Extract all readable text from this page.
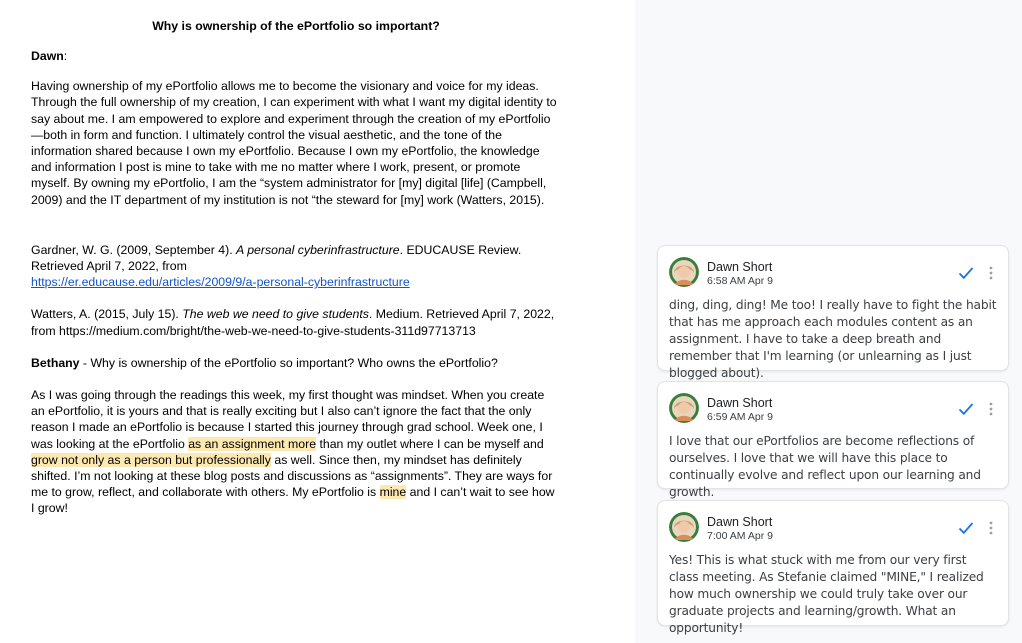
Why is ownership of the ePortfolio so important?
Dawn:
Having ownership of my ePortfolio allows me to become the visionary and voice for my ideas. Through the full ownership of my creation, I can experiment with what I want my digital identity to say about me. I am empowered to explore and experiment through the creation of my ePortfolio—both in form and function. I ultimately control the visual aesthetic, and the tone of the information shared because I own my ePortfolio. Because I own my ePortfolio, the knowledge and information I post is mine to take with me no matter where I work, present, or promote myself. By owning my ePortfolio, I am the “system administrator for [my] digital [life] (Campbell, 2009) and the IT department of my institution is not “the steward for [my] work (Watters, 2015).
Gardner, W. G. (2009, September 4). A personal cyberinfrastructure. EDUCAUSE Review. Retrieved April 7, 2022, from
https://er.educause.edu/articles/2009/9/a-personal-cyberinfrastructure
Watters, A. (2015, July 15). The web we need to give students. Medium. Retrieved April 7, 2022, from https://medium.com/bright/the-web-we-need-to-give-students-311d97713713
Bethany - Why is ownership of the ePortfolio so important? Who owns the ePortfolio?
As I was going through the readings this week, my first thought was mindset. When you create an ePortfolio, it is yours and that is really exciting but I also can’t ignore the fact that the only reason I made an ePortfolio is because I started this journey through grad school. Week one, I was looking at the ePortfolio as an assignment more than my outlet where I can be myself and grow not only as a person but professionally as well. Since then, my mindset has definitely shifted. I’m not looking at these blog posts and discussions as “assignments”. They are ways for me to grow, reflect, and collaborate with others. My ePortfolio is mine and I can’t wait to see how I grow!
Dawn Short
6:58 AM Apr 9
ding, ding, ding! Me too! I really have to fight the habit that has me approach each modules content as an assignment. I have to take a deep breath and remember that I'm learning (or unlearning as I just blogged about).
Dawn Short
6:59 AM Apr 9
I love that our ePortfolios are become reflections of ourselves. I love that we will have this place to continually evolve and reflect upon our learning and growth.
Dawn Short
7:00 AM Apr 9
Yes! This is what stuck with me from our very first class meeting. As Stefanie claimed "MINE," I realized how much ownership we could truly take over our graduate projects and learning/growth. What an opportunity!
